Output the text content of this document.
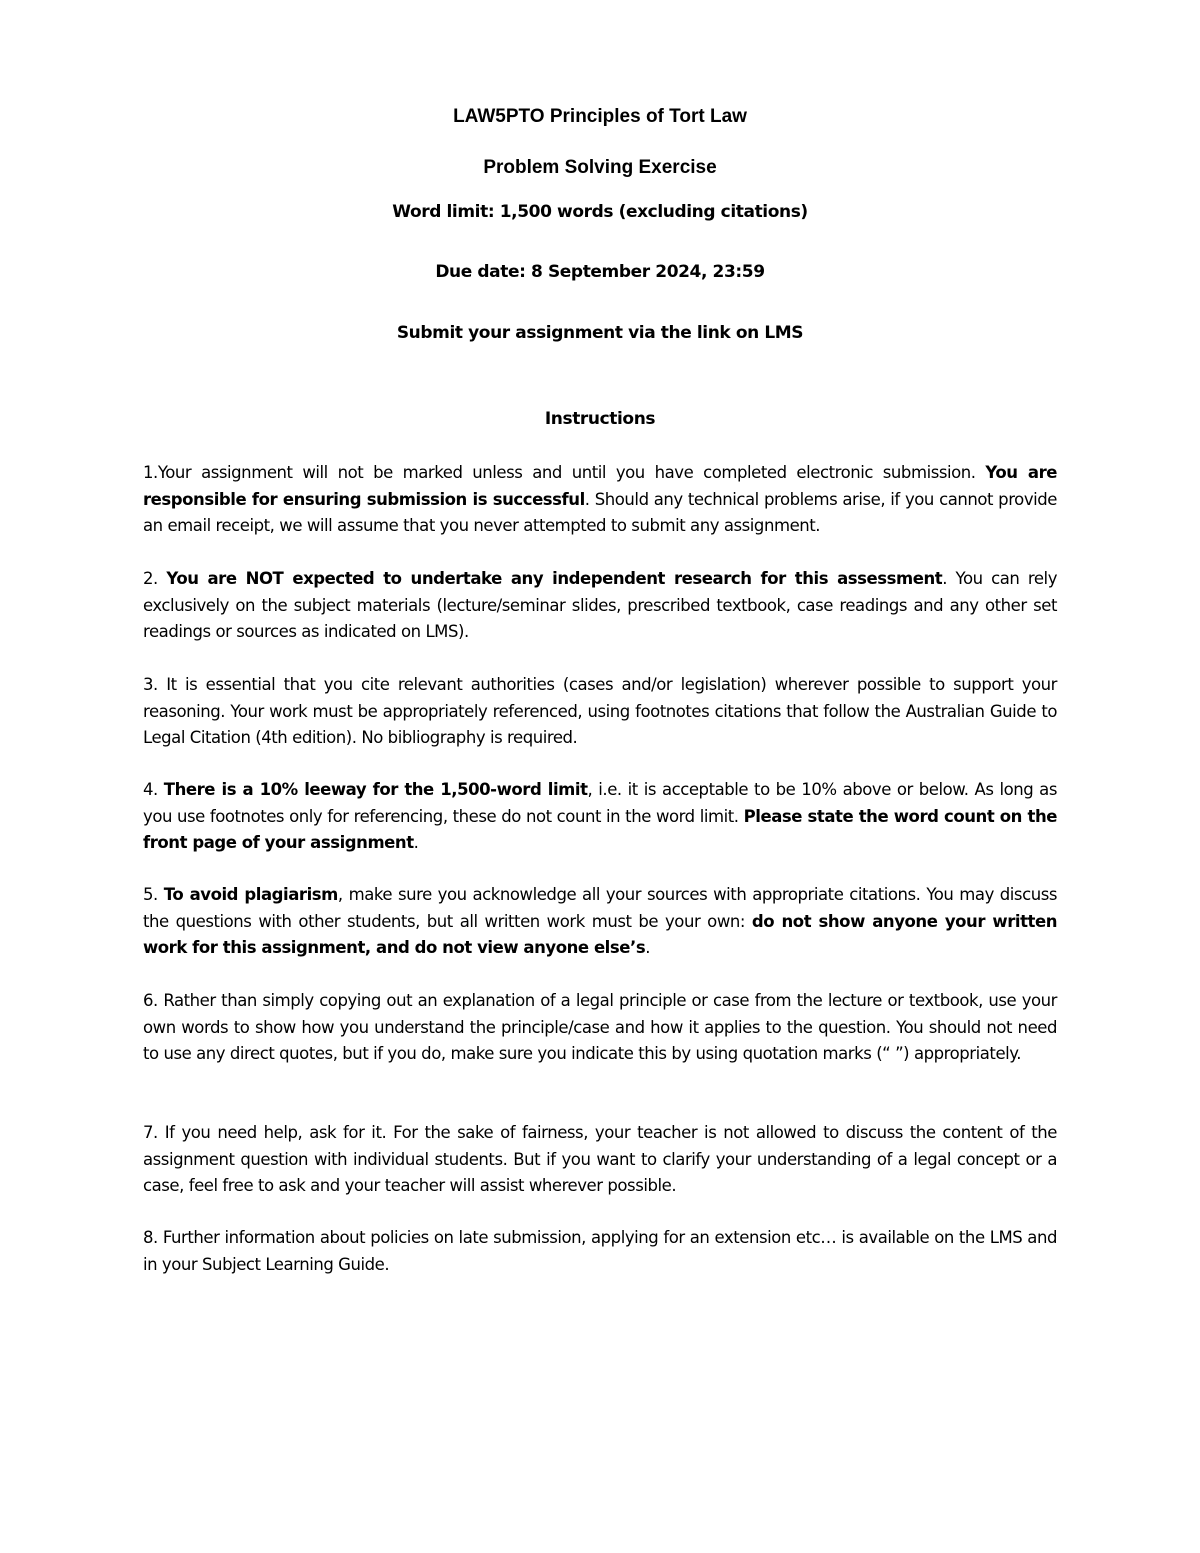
LAW5PTO Principles of Tort Law
Problem Solving Exercise
Word limit: 1,500 words (excluding citations)
Due date: 8 September 2024, 23:59
Submit your assignment via the link on LMS
Instructions

1.Your assignment will not be marked unless and until you have completed electronic submission. You are responsible for ensuring submission is successful. Should any technical problems arise, if you cannot provide an email receipt, we will assume that you never attempted to submit any assignment.

2. You are NOT expected to undertake any independent research for this assessment. You can rely exclusively on the subject materials (lecture/seminar slides, prescribed textbook, case readings and any other set readings or sources as indicated on LMS).

3. It is essential that you cite relevant authorities (cases and/or legislation) wherever possible to support your reasoning. Your work must be appropriately referenced, using footnotes citations that follow the Australian Guide to Legal Citation (4th edition). No bibliography is required.

4. There is a 10% leeway for the 1,500-word limit, i.e. it is acceptable to be 10% above or below. As long as you use footnotes only for referencing, these do not count in the word limit. Please state the word count on the front page of your assignment.

5. To avoid plagiarism, make sure you acknowledge all your sources with appropriate citations. You may discuss the questions with other students, but all written work must be your own: do not show anyone your written work for this assignment, and do not view anyone else’s.

6. Rather than simply copying out an explanation of a legal principle or case from the lecture or textbook, use your own words to show how you understand the principle/case and how it applies to the question. You should not need to use any direct quotes, but if you do, make sure you indicate this by using quotation marks (“ ”) appropriately.

7. If you need help, ask for it. For the sake of fairness, your teacher is not allowed to discuss the content of the assignment question with individual students. But if you want to clarify your understanding of a legal concept or a case, feel free to ask and your teacher will assist wherever possible.

8. Further information about policies on late submission, applying for an extension etc… is available on the LMS and in your Subject Learning Guide.
